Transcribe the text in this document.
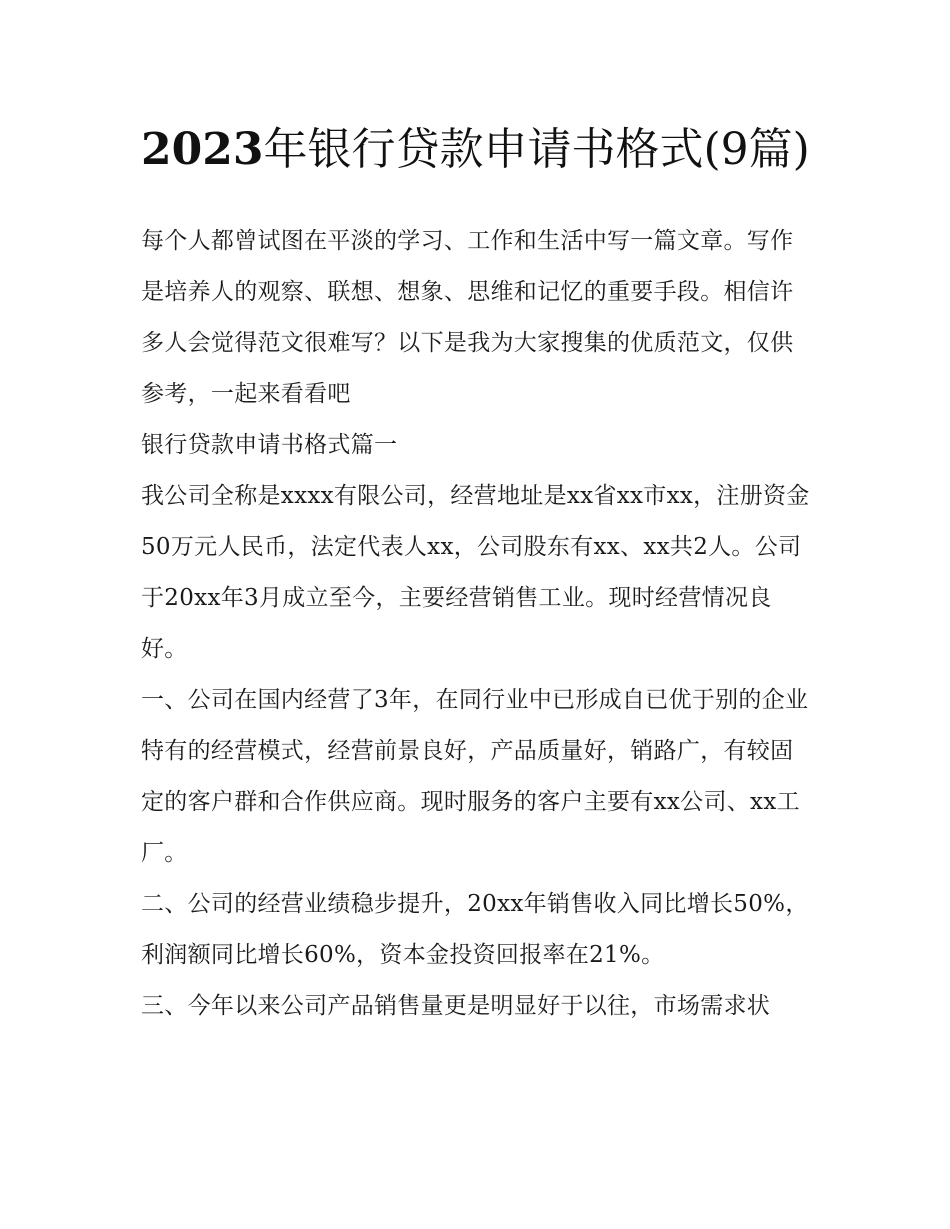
2023年银行贷款申请书格式(9篇)

每个人都曾试图在平淡的学习、工作和生活中写一篇文章。写作是培养人的观察、联想、想象、思维和记忆的重要手段。相信许多人会觉得范文很难写？以下是我为大家搜集的优质范文，仅供参考，一起来看看吧

银行贷款申请书格式篇一

我公司全称是xxxx有限公司，经营地址是xx省xx市xx，注册资金50万元人民币，法定代表人xx，公司股东有xx、xx共2人。公司于20xx年3月成立至今，主要经营销售工业。现时经营情况良好。

一、公司在国内经营了3年，在同行业中已形成自已优于别的企业特有的经营模式，经营前景良好，产品质量好，销路广，有较固定的客户群和合作供应商。现时服务的客户主要有xx公司、xx工厂。

二、公司的经营业绩稳步提升，20xx年销售收入同比增长50%，利润额同比增长60%，资本金投资回报率在21%。

三、今年以来公司产品销售量更是明显好于以往，市场需求状
